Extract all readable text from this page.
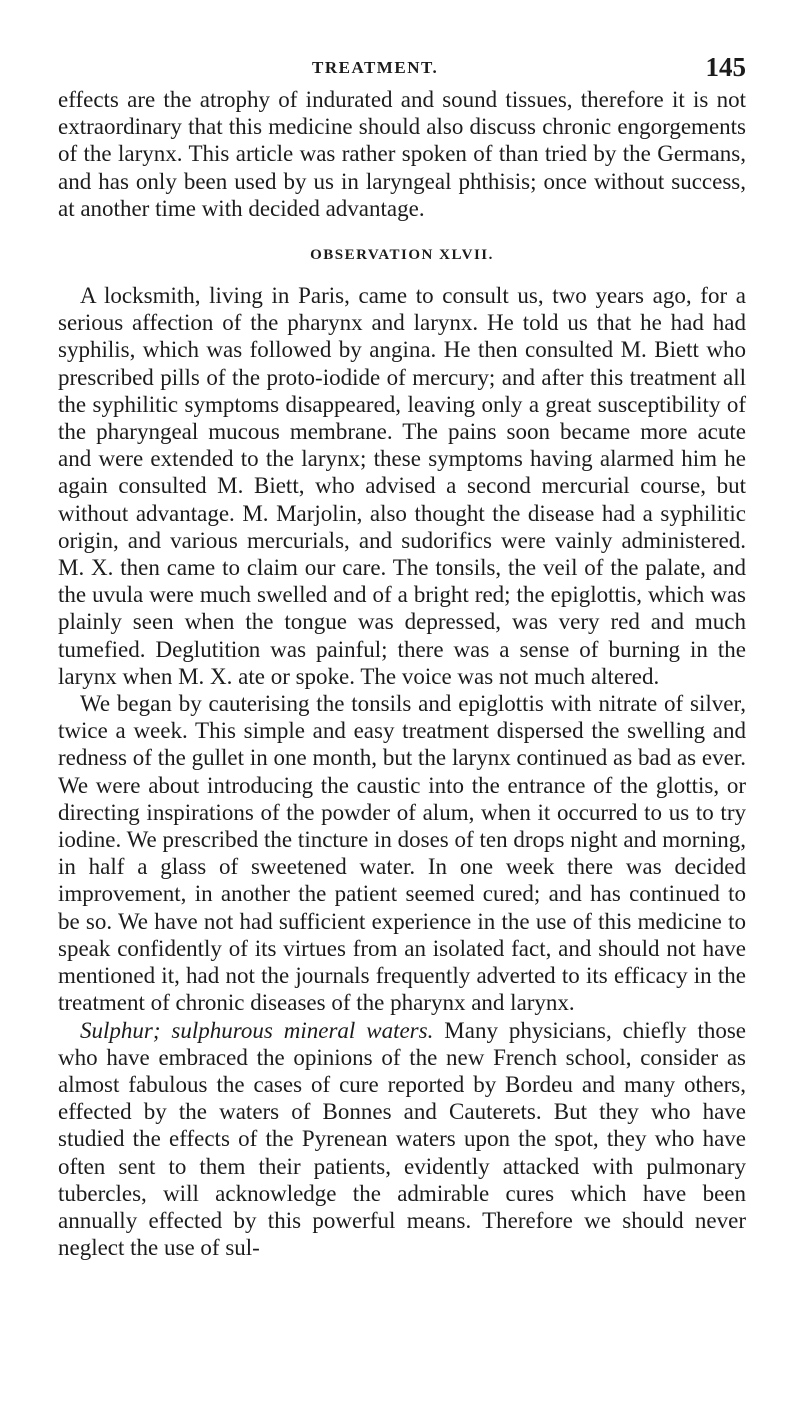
TREATMENT.	145

effects are the atrophy of indurated and sound tissues, therefore it is not extraordinary that this medicine should also discuss chronic engorgements of the larynx. This article was rather spoken of than tried by the Germans, and has only been used by us in laryngeal phthisis; once without success, at another time with decided advantage.

OBSERVATION XLVII.

A locksmith, living in Paris, came to consult us, two years ago, for a serious affection of the pharynx and larynx. He told us that he had had syphilis, which was followed by angina. He then consulted M. Biett who prescribed pills of the proto-iodide of mercury; and after this treatment all the syphilitic symptoms disappeared, leaving only a great susceptibility of the pharyngeal mucous membrane. The pains soon became more acute and were extended to the larynx; these symptoms having alarmed him he again consulted M. Biett, who advised a second mercurial course, but without advantage. M. Marjolin, also thought the disease had a syphilitic origin, and various mercurials, and sudorifics were vainly administered. M. X. then came to claim our care. The tonsils, the veil of the palate, and the uvula were much swelled and of a bright red; the epiglottis, which was plainly seen when the tongue was depressed, was very red and much tumefied. Deglutition was painful; there was a sense of burning in the larynx when M. X. ate or spoke. The voice was not much altered.

We began by cauterising the tonsils and epiglottis with nitrate of silver, twice a week. This simple and easy treatment dispersed the swelling and redness of the gullet in one month, but the larynx continued as bad as ever. We were about introducing the caustic into the entrance of the glottis, or directing inspirations of the powder of alum, when it occurred to us to try iodine. We prescribed the tincture in doses of ten drops night and morning, in half a glass of sweetened water. In one week there was decided improvement, in another the patient seemed cured; and has continued to be so. We have not had sufficient experience in the use of this medicine to speak confidently of its virtues from an isolated fact, and should not have mentioned it, had not the journals frequently adverted to its efficacy in the treatment of chronic diseases of the pharynx and larynx.

Sulphur; sulphurous mineral waters. Many physicians, chiefly those who have embraced the opinions of the new French school, consider as almost fabulous the cases of cure reported by Bordeu and many others, effected by the waters of Bonnes and Cauterets. But they who have studied the effects of the Pyrenean waters upon the spot, they who have often sent to them their patients, evidently attacked with pulmonary tubercles, will acknowledge the admirable cures which have been annually effected by this powerful means. Therefore we should never neglect the use of sul-
